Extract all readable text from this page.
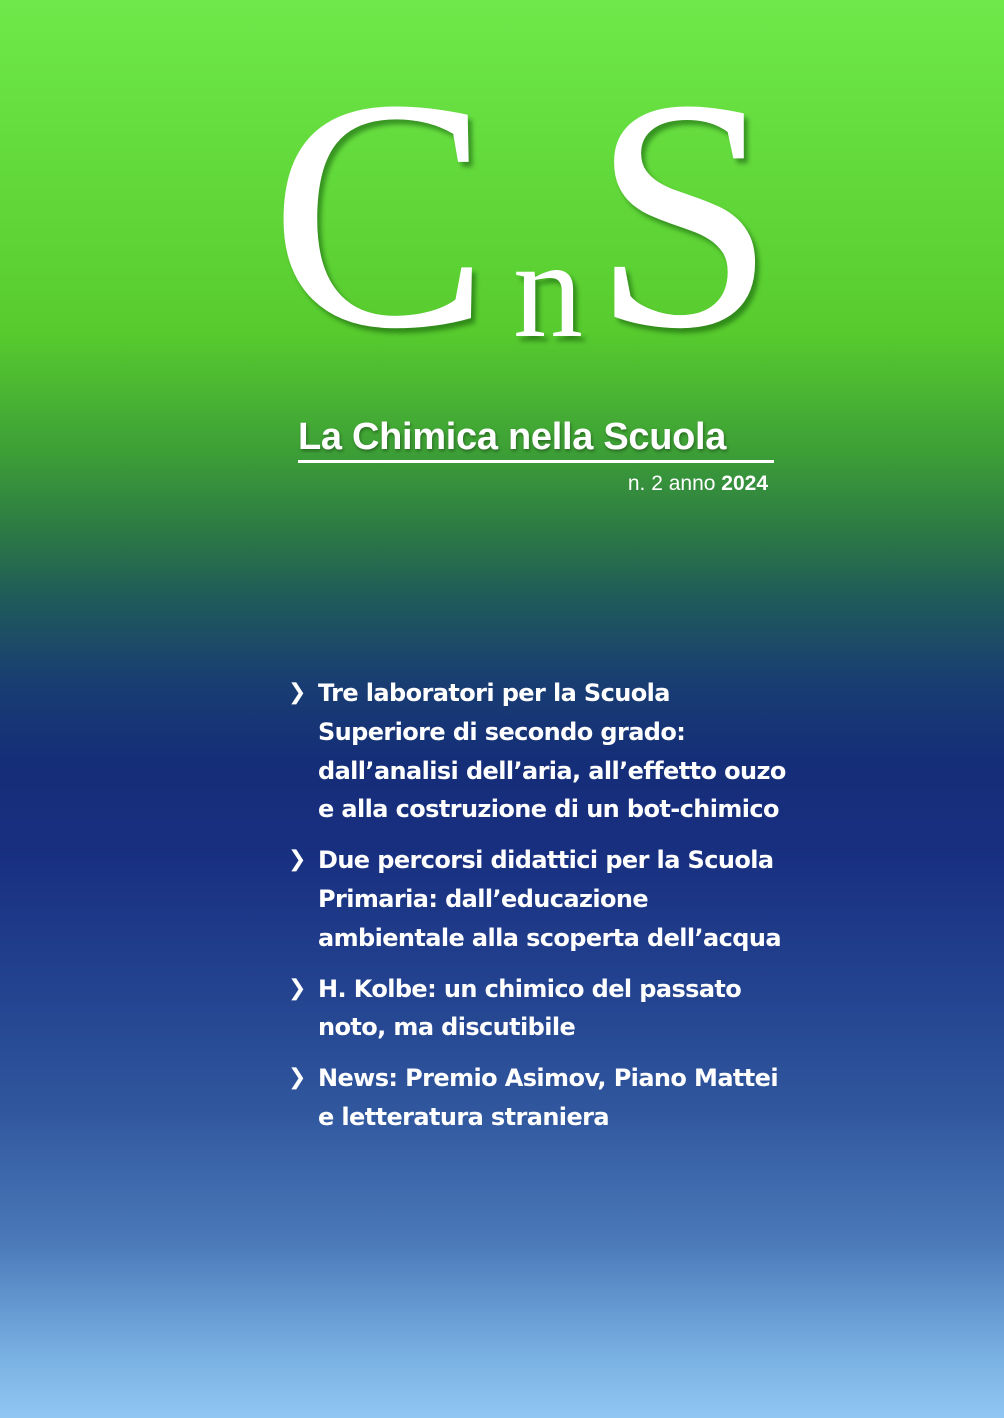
C n S
La Chimica nella Scuola
n. 2 anno 2024
❯ Tre laboratori per la Scuola
Superiore di secondo grado:
dall’analisi dell’aria, all’effetto ouzo
e alla costruzione di un bot-chimico
❯ Due percorsi didattici per la Scuola
Primaria: dall’educazione
ambientale alla scoperta dell’acqua
❯ H. Kolbe: un chimico del passato
noto, ma discutibile
❯ News: Premio Asimov, Piano Mattei
e letteratura straniera
